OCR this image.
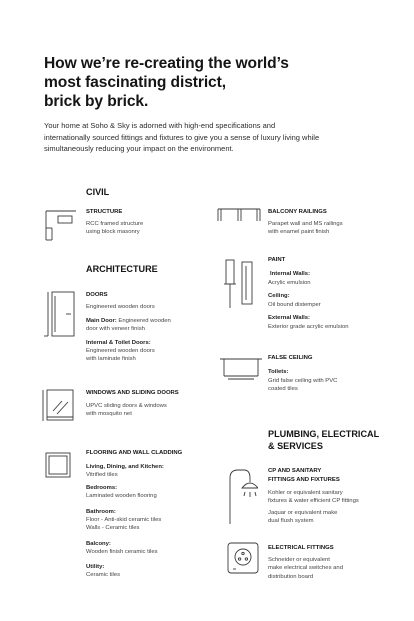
How we’re re-creating the world’s
most fascinating district,
brick by brick.
Your home at Soho & Sky is adorned with high-end specifications and
internationally sourced fittings and fixtures to give you a sense of luxury living while
simultaneously reducing your impact on the environment.
CIVIL
STRUCTURE
RCC framed structure
using block masonry
ARCHITECTURE
DOORS
Engineered wooden doors
Main Door: Engineered wooden
door with veneer finish
Internal & Toilet Doors:
Engineered wooden doors
with laminate finish
WINDOWS AND SLIDING DOORS
UPVC sliding doors & windows
with mosquito net
FLOORING AND WALL CLADDING
Living, Dining, and Kitchen:
Vitrified tiles
Bedrooms:
Laminated wooden flooring
Bathroom:
Floor - Anti-skid ceramic tiles
Walls - Ceramic tiles
Balcony:
Wooden finish ceramic tiles
Utility:
Ceramic tiles
BALCONY RAILINGS
Parapet wall and MS railings
with enamel paint finish
PAINT
Internal Walls:
Acrylic emulsion
Ceiling:
Oil bound distemper
External Walls:
Exterior grade acrylic emulsion
FALSE CEILING
Toilets:
Grid false ceiling with PVC
coated tiles
PLUMBING, ELECTRICAL
& SERVICES
CP AND SANITARY
FITTINGS AND FIXTURES
Kohler or equivalent sanitary
fixtures & water efficient CP fittings
Jaquar or equivalent make
dual flush system
ELECTRICAL FITTINGS
Schneider or equivalent
make electrical switches and
distribution board
